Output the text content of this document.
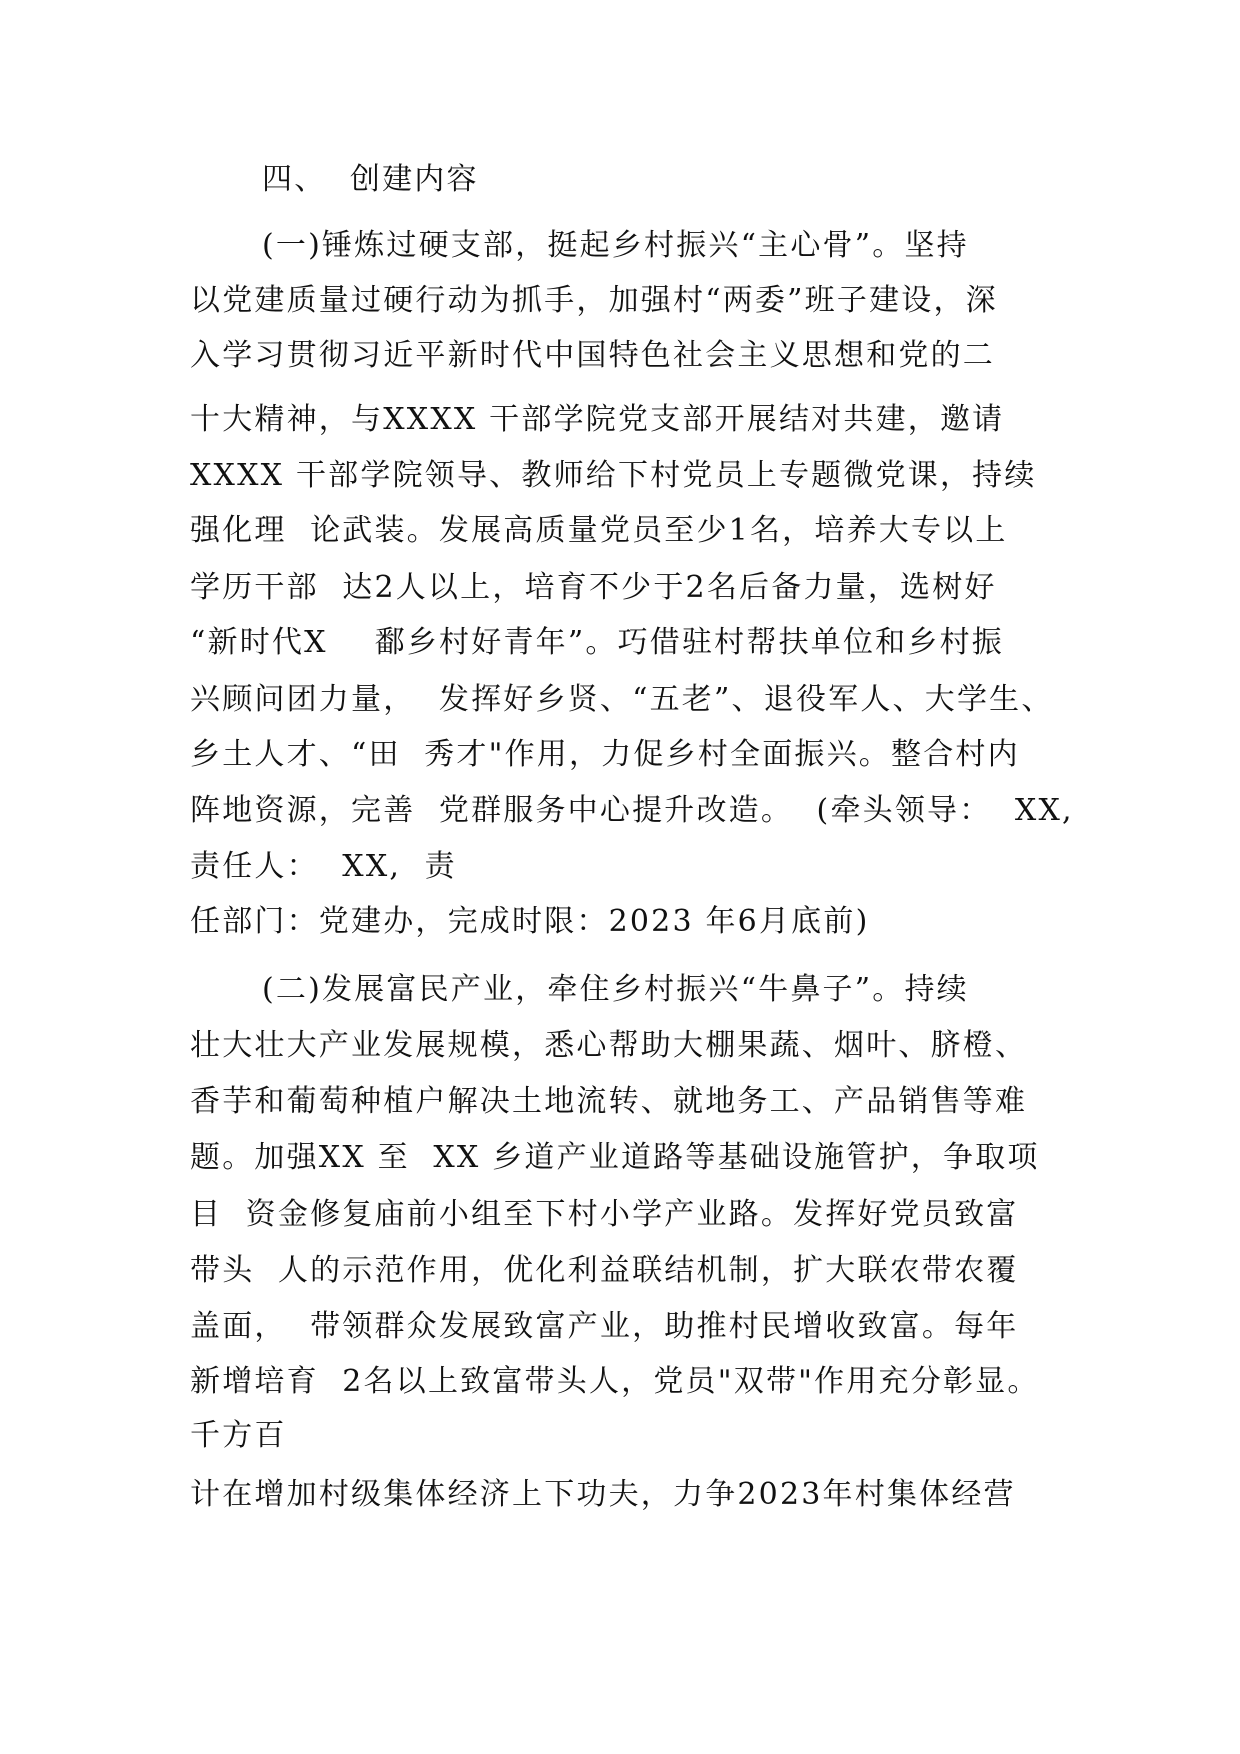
四、  创建内容
(一)锤炼过硬支部，挺起乡村振兴“主心骨”。坚持
以党建质量过硬行动为抓手，加强村“两委”班子建设，深
入学习贯彻习近平新时代中国特色社会主义思想和党的二
十大精神，与XXXX 干部学院党支部开展结对共建，邀请
XXXX 干部学院领导、教师给下村党员上专题微党课，持续
强化理  论武装。发展高质量党员至少1名，培养大专以上
学历干部  达2人以上，培育不少于2名后备力量，选树好
“新时代X    鄱乡村好青年”。巧借驻村帮扶单位和乡村振
兴顾问团力量，  发挥好乡贤、“五老”、退役军人、大学生、
乡土人才、“田  秀才"作用，力促乡村全面振兴。整合村内
阵地资源，完善  党群服务中心提升改造。  (牵头领导：  XX,
责任人：  XX,  责
任部门：党建办，完成时限：2023 年6月底前)
(二)发展富民产业，牵住乡村振兴“牛鼻子”。持续
壮大壮大产业发展规模，悉心帮助大棚果蔬、烟叶、脐橙、
香芋和葡萄种植户解决土地流转、就地务工、产品销售等难
题。加强XX 至  XX 乡道产业道路等基础设施管护，争取项
目  资金修复庙前小组至下村小学产业路。发挥好党员致富
带头  人的示范作用，优化利益联结机制，扩大联农带农覆
盖面，  带领群众发展致富产业，助推村民增收致富。每年
新增培育  2名以上致富带头人，党员"双带"作用充分彰显。
千方百
计在增加村级集体经济上下功夫，力争2023年村集体经营
